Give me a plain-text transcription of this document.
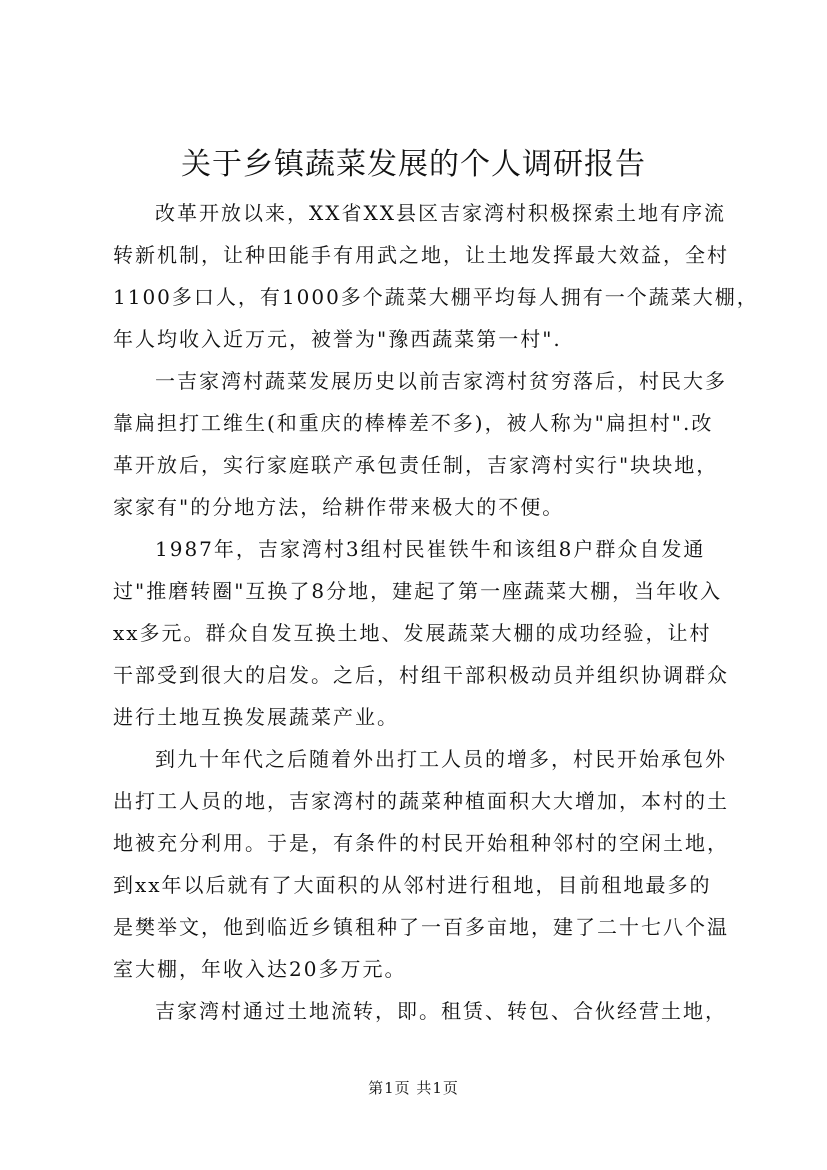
关于乡镇蔬菜发展的个人调研报告

改革开放以来，XX省XX县区吉家湾村积极探索土地有序流
转新机制，让种田能手有用武之地，让土地发挥最大效益，全村
1100多口人，有1000多个蔬菜大棚平均每人拥有一个蔬菜大棚，
年人均收入近万元，被誉为"豫西蔬菜第一村".

一吉家湾村蔬菜发展历史以前吉家湾村贫穷落后，村民大多
靠扁担打工维生(和重庆的棒棒差不多)，被人称为"扁担村".改
革开放后，实行家庭联产承包责任制，吉家湾村实行"块块地，
家家有"的分地方法，给耕作带来极大的不便。

1987年，吉家湾村3组村民崔铁牛和该组8户群众自发通
过"推磨转圈"互换了8分地，建起了第一座蔬菜大棚，当年收入
xx多元。群众自发互换土地、发展蔬菜大棚的成功经验，让村
干部受到很大的启发。之后，村组干部积极动员并组织协调群众
进行土地互换发展蔬菜产业。

到九十年代之后随着外出打工人员的增多，村民开始承包外
出打工人员的地，吉家湾村的蔬菜种植面积大大增加，本村的土
地被充分利用。于是，有条件的村民开始租种邻村的空闲土地，
到xx年以后就有了大面积的从邻村进行租地，目前租地最多的
是樊举文，他到临近乡镇租种了一百多亩地，建了二十七八个温
室大棚，年收入达20多万元。

吉家湾村通过土地流转，即。租赁、转包、合伙经营土地，

第1页 共1页
